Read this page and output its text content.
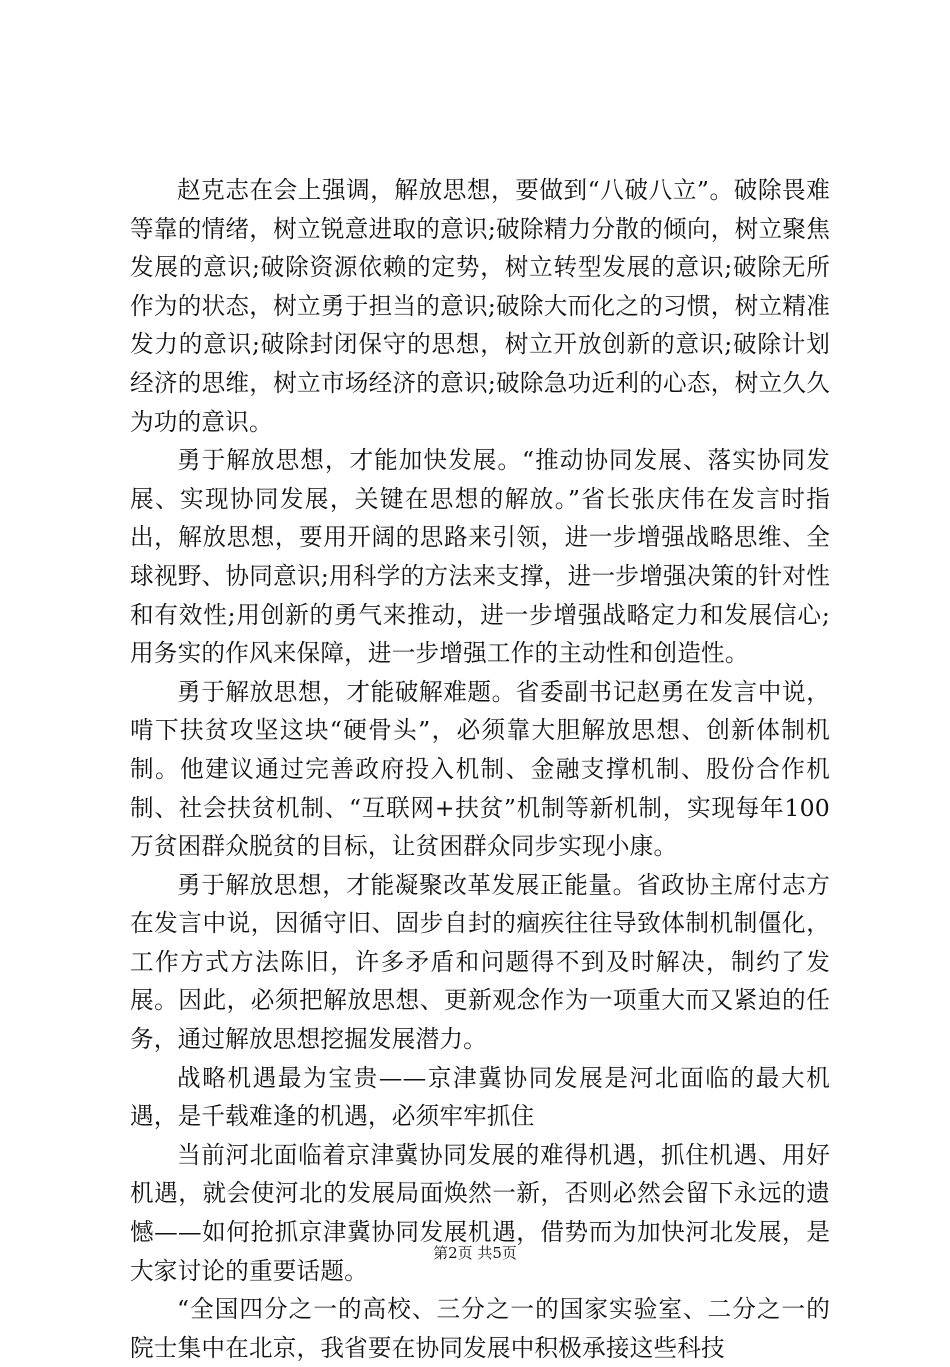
赵克志在会上强调，解放思想，要做到“八破八立”。破除畏难等靠的情绪，树立锐意进取的意识;破除精力分散的倾向，树立聚焦发展的意识;破除资源依赖的定势，树立转型发展的意识;破除无所作为的状态，树立勇于担当的意识;破除大而化之的习惯，树立精准发力的意识;破除封闭保守的思想，树立开放创新的意识;破除计划经济的思维，树立市场经济的意识;破除急功近利的心态，树立久久为功的意识。

勇于解放思想，才能加快发展。“推动协同发展、落实协同发展、实现协同发展，关键在思想的解放。”省长张庆伟在发言时指出，解放思想，要用开阔的思路来引领，进一步增强战略思维、全球视野、协同意识;用科学的方法来支撑，进一步增强决策的针对性和有效性;用创新的勇气来推动，进一步增强战略定力和发展信心;用务实的作风来保障，进一步增强工作的主动性和创造性。

勇于解放思想，才能破解难题。省委副书记赵勇在发言中说，啃下扶贫攻坚这块“硬骨头”，必须靠大胆解放思想、创新体制机制。他建议通过完善政府投入机制、金融支撑机制、股份合作机制、社会扶贫机制、“互联网+扶贫”机制等新机制，实现每年100万贫困群众脱贫的目标，让贫困群众同步实现小康。

勇于解放思想，才能凝聚改革发展正能量。省政协主席付志方在发言中说，因循守旧、固步自封的痼疾往往导致体制机制僵化，工作方式方法陈旧，许多矛盾和问题得不到及时解决，制约了发展。因此，必须把解放思想、更新观念作为一项重大而又紧迫的任务，通过解放思想挖掘发展潜力。

战略机遇最为宝贵——京津冀协同发展是河北面临的最大机遇，是千载难逢的机遇，必须牢牢抓住

当前河北面临着京津冀协同发展的难得机遇，抓住机遇、用好机遇，就会使河北的发展局面焕然一新，否则必然会留下永远的遗憾——如何抢抓京津冀协同发展机遇，借势而为加快河北发展，是大家讨论的重要话题。

“全国四分之一的高校、三分之一的国家实验室、二分之一的院士集中在北京，我省要在协同发展中积极承接这些科技

第2页 共5页
